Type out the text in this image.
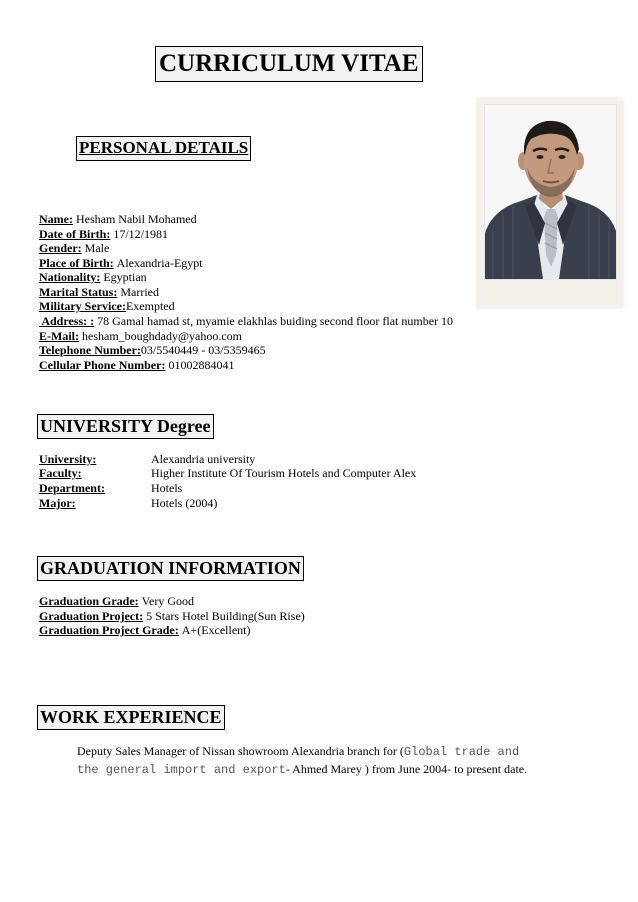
CURRICULUM VITAE
PERSONAL DETAILS
Name: Hesham Nabil Mohamed
Date of Birth: 17/12/1981
Gender: Male
Place of Birth: Alexandria-Egypt
Nationality: Egyptian
Marital Status: Married
Military Service:Exempted
Address: : 78 Gamal hamad st, myamie elakhlas buiding second floor flat number 10
E-Mail: hesham_boughdady@yahoo.com
Telephone Number:03/5540449 - 03/5359465
Cellular Phone Number: 01002884041
UNIVERSITY Degree
University:	Alexandria university
Faculty:	Higher Institute Of Tourism Hotels and Computer Alex
Department:	Hotels
Major:	Hotels (2004)
GRADUATION INFORMATION
Graduation Grade: Very Good
Graduation Project: 5 Stars Hotel Building(Sun Rise)
Graduation Project Grade: A+(Excellent)
WORK EXPERIENCE
Deputy Sales Manager of Nissan showroom Alexandria branch for (Global trade and the general import and export- Ahmed Marey ) from June 2004- to present date.
